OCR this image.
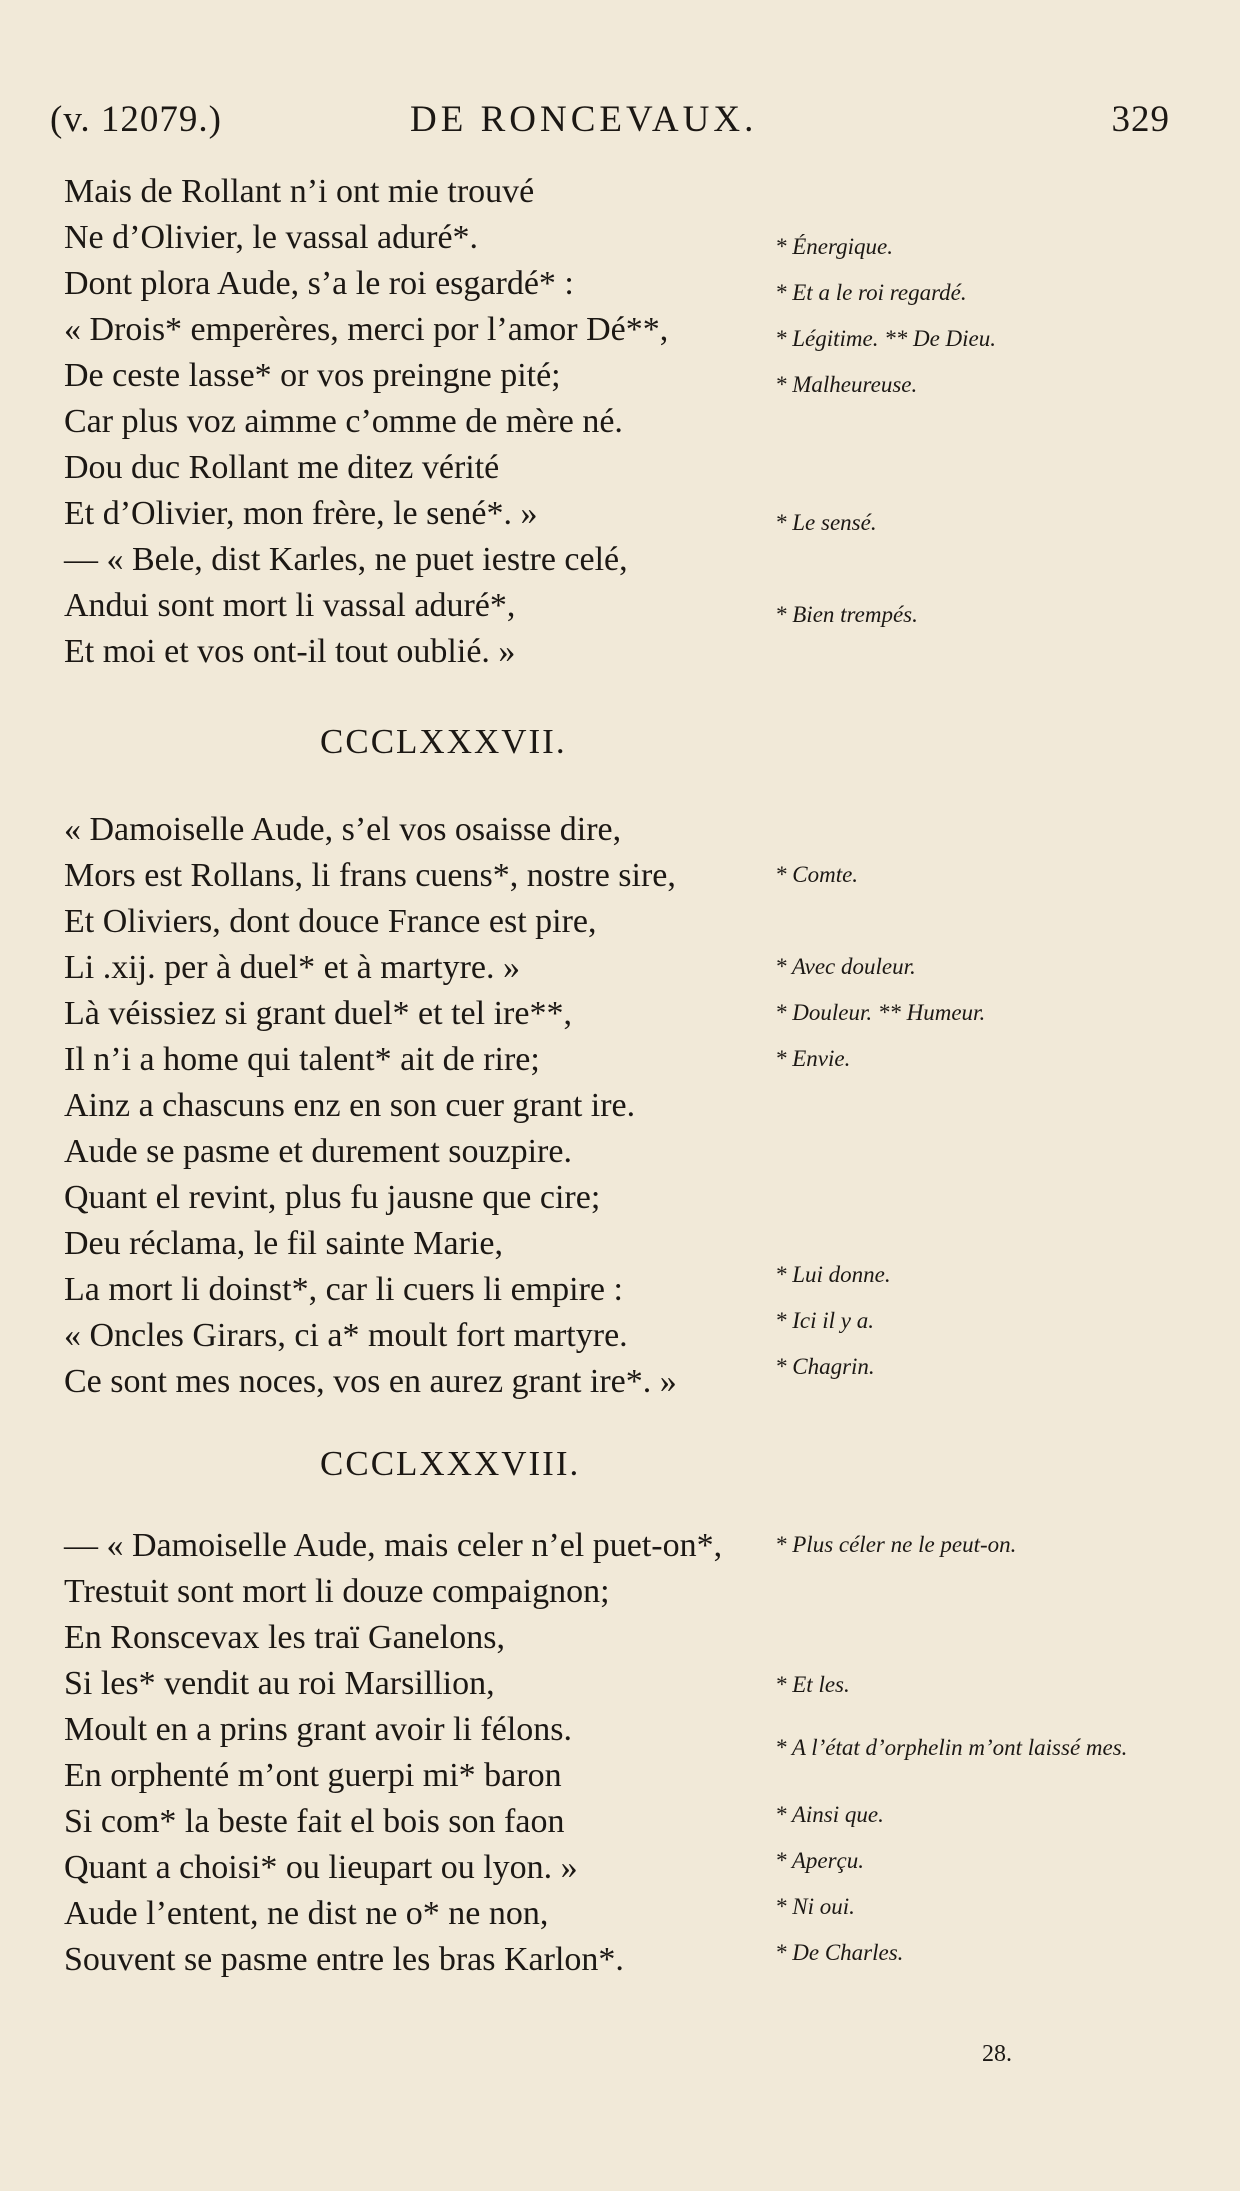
(v. 12079.)	DE RONCEVAUX.	329
Mais de Rollant n’i ont mie trouvé
Ne d’Olivier, le vassal aduré*.
Dont plora Aude, s’a le roi esgardé* :
« Drois* emperères, merci por l’amor Dé**,
De ceste lasse* or vos preingne pité;
Car plus voz aimme c’omme de mère né.
Dou duc Rollant me ditez vérité
Et d’Olivier, mon frère, le sené*. »
— « Bele, dist Karles, ne puet iestre celé,
Andui sont mort li vassal aduré*,
Et moi et vos ont-il tout oublié. »
* Énergique.
* Et a le roi regardé.
* Légitime. ** De Dieu.
* Malheureuse.
* Le sensé.
* Bien trempés.
CCCLXXXVII.
« Damoiselle Aude, s’el vos osaisse dire,
Mors est Rollans, li frans cuens*, nostre sire,
Et Oliviers, dont douce France est pire,
Li .xij. per à duel* et à martyre. »
Là véissiez si grant duel* et tel ire**,
Il n’i a home qui talent* ait de rire;
Ainz a chascuns enz en son cuer grant ire.
Aude se pasme et durement souzpire.
Quant el revint, plus fu jausne que cire;
Deu réclama, le fil sainte Marie,
La mort li doinst*, car li cuers li empire :
« Oncles Girars, ci a* moult fort martyre.
Ce sont mes noces, vos en aurez grant ire*. »
* Comte.
* Avec douleur.
* Douleur. ** Humeur.
* Envie.
* Lui donne.
* Ici il y a.
* Chagrin.
CCCLXXXVIII.
— « Damoiselle Aude, mais celer n’el puet-on*,
Trestuit sont mort li douze compaignon;
En Ronscevax les traï Ganelons,
Si les* vendit au roi Marsillion,
Moult en a prins grant avoir li félons.
En orphenté m’ont guerpi mi* baron
Si com* la beste fait el bois son faon
Quant a choisi* ou lieupart ou lyon. »
Aude l’entent, ne dist ne o* ne non,
Souvent se pasme entre les bras Karlon*.
* Plus céler ne le peut-on.
* Et les.
* A l’état d’orphelin m’ont laissé mes.
* Ainsi que.
* Aperçu.
* Ni oui.
* De Charles.
28.
